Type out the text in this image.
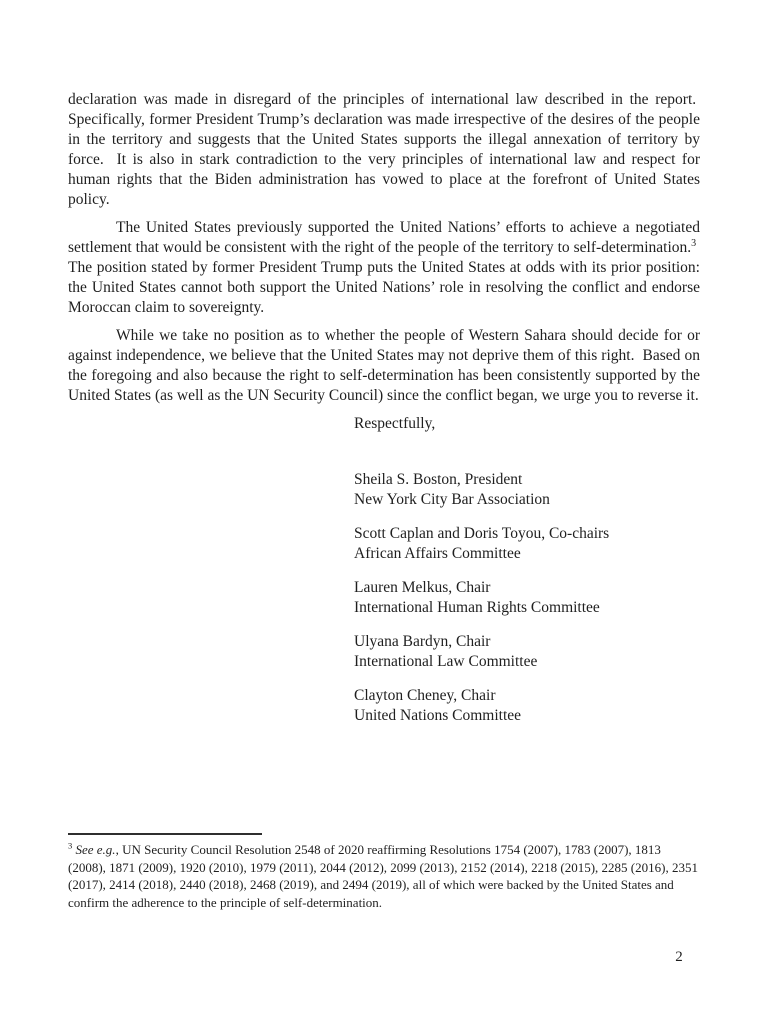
declaration was made in disregard of the principles of international law described in the report.  Specifically, former President Trump’s declaration was made irrespective of the desires of the people in the territory and suggests that the United States supports the illegal annexation of territory by force.  It is also in stark contradiction to the very principles of international law and respect for human rights that the Biden administration has vowed to place at the forefront of United States policy.

The United States previously supported the United Nations’ efforts to achieve a negotiated settlement that would be consistent with the right of the people of the territory to self-determination.$^3$  The position stated by former President Trump puts the United States at odds with its prior position: the United States cannot both support the United Nations’ role in resolving the conflict and endorse Moroccan claim to sovereignty.

While we take no position as to whether the people of Western Sahara should decide for or against independence, we believe that the United States may not deprive them of this right.  Based on the foregoing and also because the right to self-determination has been consistently supported by the United States (as well as the UN Security Council) since the conflict began, we urge you to reverse it.

Respectfully,

Sheila S. Boston, President
New York City Bar Association
Scott Caplan and Doris Toyou, Co-chairs
African Affairs Committee
Lauren Melkus, Chair
International Human Rights Committee
Ulyana Bardyn, Chair
International Law Committee
Clayton Cheney, Chair
United Nations Committee

$^3$ See e.g., UN Security Council Resolution 2548 of 2020 reaffirming Resolutions 1754 (2007), 1783 (2007), 1813 (2008), 1871 (2009), 1920 (2010), 1979 (2011), 2044 (2012), 2099 (2013), 2152 (2014), 2218 (2015), 2285 (2016), 2351 (2017), 2414 (2018), 2440 (2018), 2468 (2019), and 2494 (2019), all of which were backed by the United States and confirm the adherence to the principle of self-determination.

2
